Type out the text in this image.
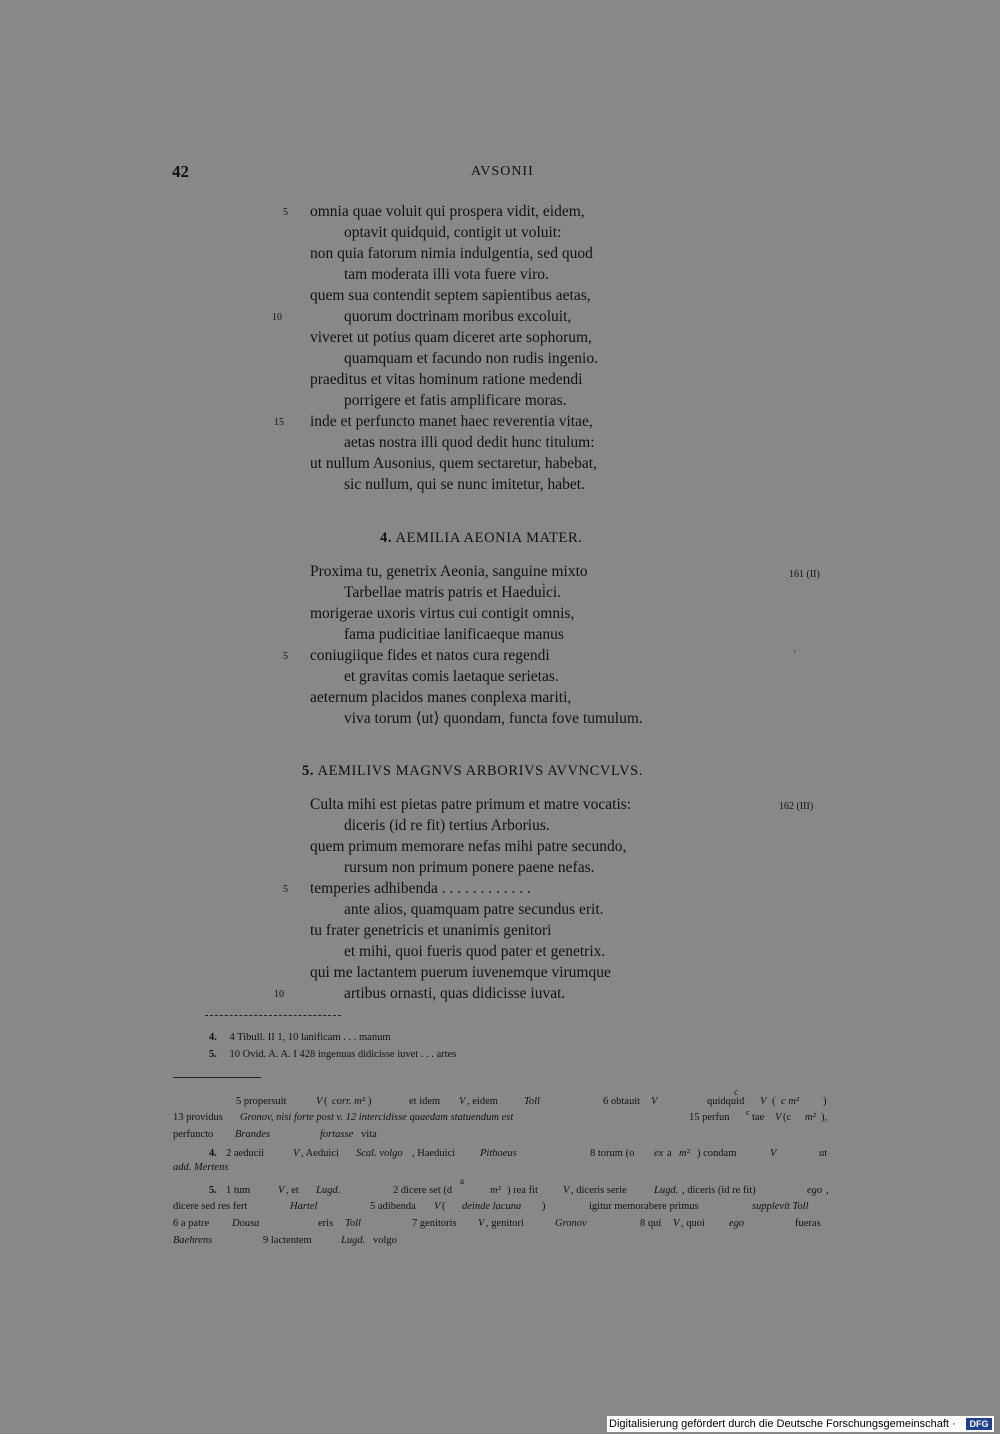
42	AVSONII
omnia quae voluit qui prospera vidit, eidem,
optavit quidquid, contigit ut voluit:
non quia fatorum nimia indulgentia, sed quod
tam moderata illi vota fuere viro.
quem sua contendit septem sapientibus aetas,
quorum doctrinam moribus excoluit,
viveret ut potius quam diceret arte sophorum,
quamquam et facundo non rudis ingenio.
praeditus et vitas hominum ratione medendi
porrigere et fatis amplificare moras.
inde et perfuncto manet haec reverentia vitae,
aetas nostra illi quod dedit hunc titulum:
ut nullum Ausonius, quem sectaretur, habebat,
sic nullum, qui se nunc imitetur, habet.
5
10
15
4. AEMILIA AEONIA MATER.
161 (II)
·
Proxima tu, genetrix Aeonia, sanguine mixto
Tarbellae matris patris et Haedui̇ci.
morigerae uxoris virtus cui contigit omnis,
fama pudicitiae lanificaeque manus
coniugiique fides et natos cura regendi
et gravitas comis laetaque serietas.
aeternum placidos manes conplexa mariti,
viva torum ⟨ut⟩ quondam, functa fove tumulum.
5
5. AEMILIVS MAGNVS ARBORIVS AVVNCVLVS.
162 (III)
Culta mihi est pietas patre primum et matre vocatis:
diceris (id re fit) tertius Arborius.
quem primum memorare nefas mihi patre secundo,
rursum non primum ponere paene nefas.
temperies adhibenda . . . . . . . . . . . .
ante alios, quamquam patre secundus erit.
tu frater genetricis et unanimis genitori
et mihi, quoi fueris quod pater et genetrix.
qui me lactantem puerum iuvenemque virumque
artibus ornasti, quas didicisse iuvat.
5
10
4. 4 Tibull. II 1, 10 lanificam . . . manum
5. 10 Ovid. A. A. I 428 ingenuas didicisse iuvet . . . artes
5 propersuit	V ( corr. m² )	et idem V , eidem Toll	6 obtauit V	quidquid
c
V ( c m² )
13 providus Gronov, nisi forte post v. 12 intercidisse quaedam statuendum est	15 perfun c tae V (c m² ),
perfuncto Brandes	fortasse vita
4. 2 aeducii	V , Aeduici Scal. volgo , Haeduici Pithoeus	8 torum (o ex a m² ) condam	V	ut
add. Mertens
5. 1 tum	V , et Lugd.	2 dicere set (d
a
m² ) rea fit V , diceris serie	Lugd. , diceris (id re fit)	ego ,
dicere sed res fert	Hartel	5 adibenda V ( deinde lacuna )	igitur memorabere primus	supplevit Toll
6 a patre Dousa	eris Toll	7 genitoris V , genitori	Gronov	8 qui V , quoi ego	fueras
Baehrens	9 lactentem	Lugd. volgo
Digitalisierung gefördert durch die Deutsche Forschungsgemeinschaft ·	DFG
